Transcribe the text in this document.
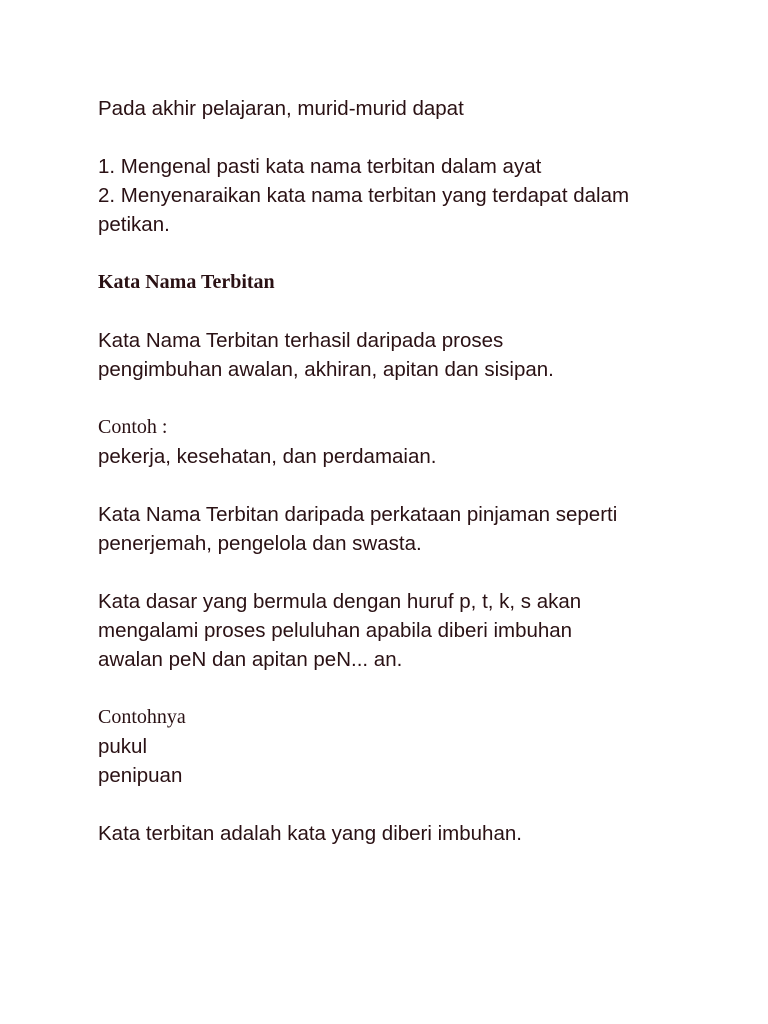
Pada akhir pelajaran, murid-murid dapat
1. Mengenal pasti kata nama terbitan dalam ayat
2. Menyenaraikan kata nama terbitan yang terdapat dalam
petikan.
Kata Nama Terbitan
Kata Nama Terbitan terhasil daripada proses
pengimbuhan awalan, akhiran, apitan dan sisipan.
Contoh :
pekerja, kesehatan, dan perdamaian.
Kata Nama Terbitan daripada perkataan pinjaman seperti
penerjemah, pengelola dan swasta.
Kata dasar yang bermula dengan huruf p, t, k, s akan
mengalami proses peluluhan apabila diberi imbuhan
awalan peN dan apitan peN... an.
Contohnya
pukul
penipuan
Kata terbitan adalah kata yang diberi imbuhan.
